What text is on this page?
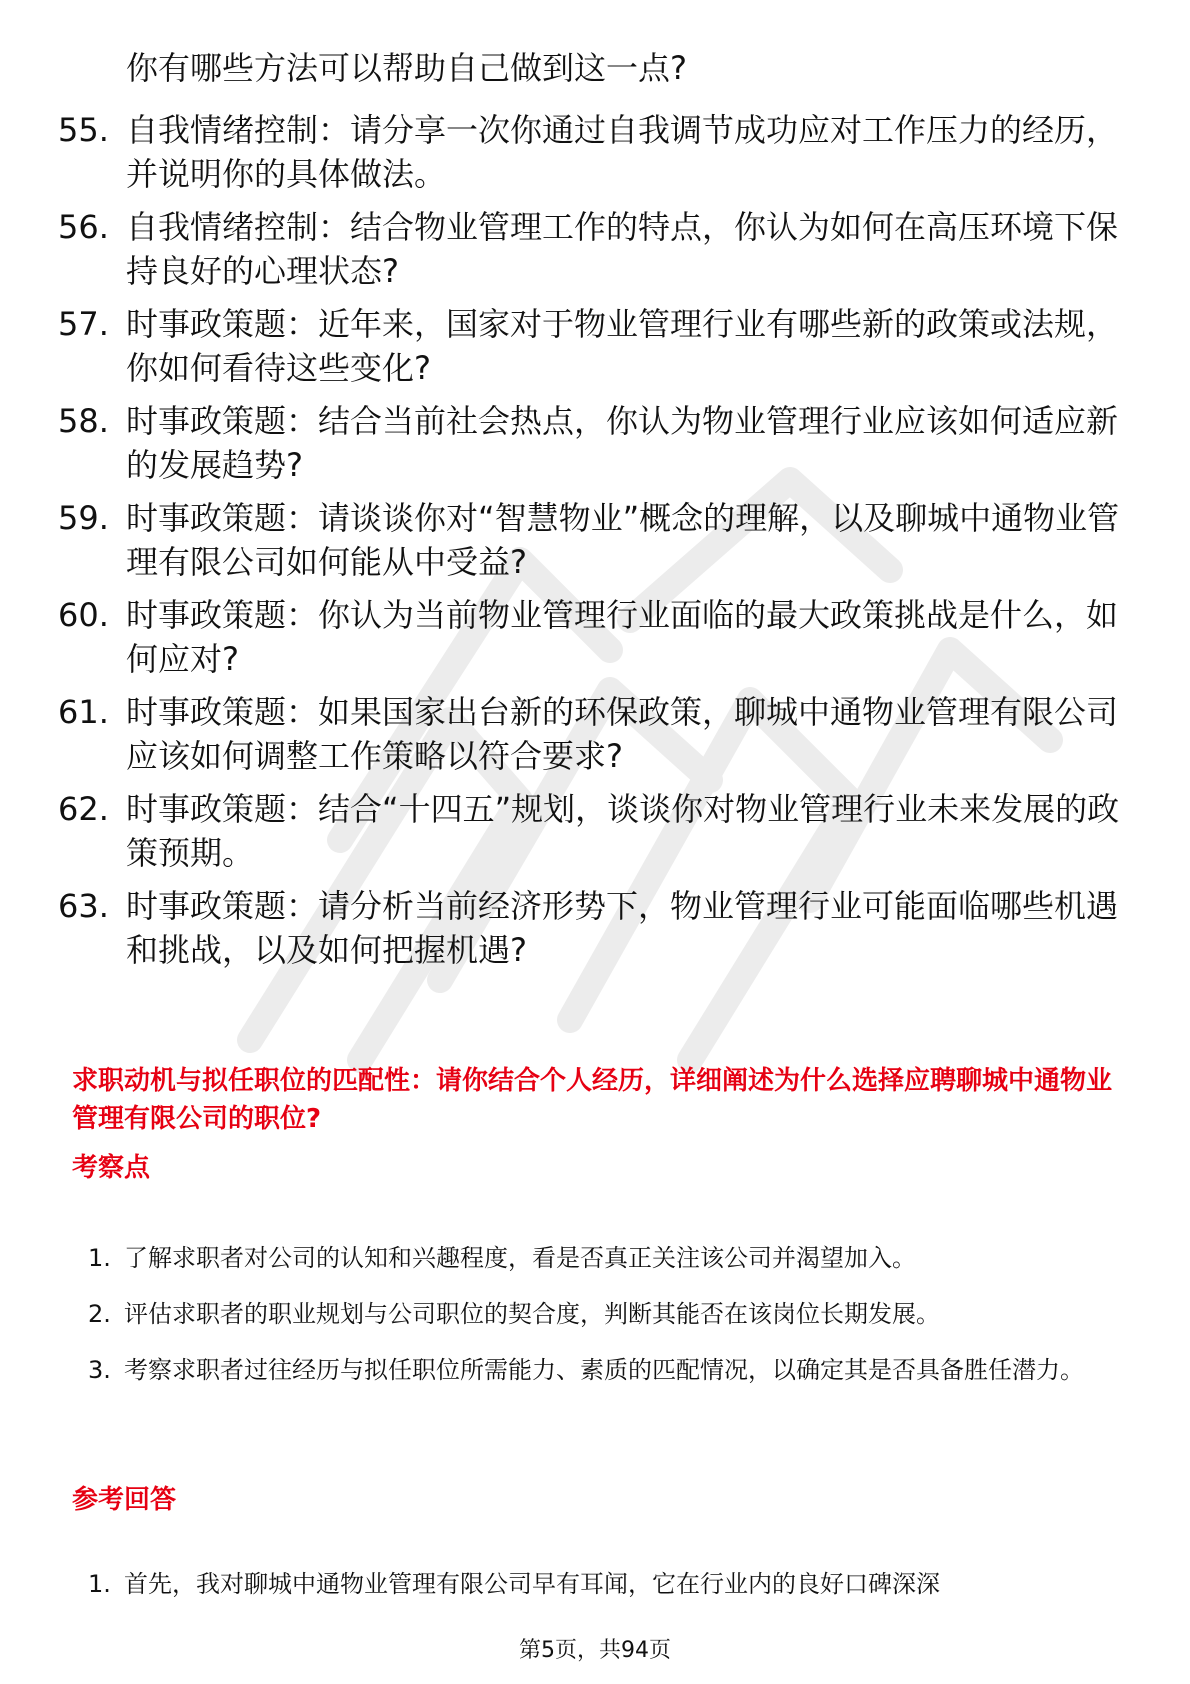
你有哪些方法可以帮助自己做到这一点?
55. 自我情绪控制：请分享一次你通过自我调节成功应对工作压力的经历，并说明你的具体做法。
56. 自我情绪控制：结合物业管理工作的特点，你认为如何在高压环境下保持良好的心理状态?
57. 时事政策题：近年来，国家对于物业管理行业有哪些新的政策或法规，你如何看待这些变化?
58. 时事政策题：结合当前社会热点，你认为物业管理行业应该如何适应新的发展趋势?
59. 时事政策题：请谈谈你对“智慧物业”概念的理解，以及聊城中通物业管理有限公司如何能从中受益?
60. 时事政策题：你认为当前物业管理行业面临的最大政策挑战是什么，如何应对?
61. 时事政策题：如果国家出台新的环保政策，聊城中通物业管理有限公司应该如何调整工作策略以符合要求?
62. 时事政策题：结合“十四五”规划，谈谈你对物业管理行业未来发展的政策预期。
63. 时事政策题：请分析当前经济形势下，物业管理行业可能面临哪些机遇和挑战，以及如何把握机遇?
求职动机与拟任职位的匹配性：请你结合个人经历，详细阐述为什么选择应聘聊城中通物业管理有限公司的职位?
考察点
1. 了解求职者对公司的认知和兴趣程度，看是否真正关注该公司并渴望加入。
2. 评估求职者的职业规划与公司职位的契合度，判断其能否在该岗位长期发展。
3. 考察求职者过往经历与拟任职位所需能力、素质的匹配情况，以确定其是否具备胜任潜力。
参考回答
1. 首先，我对聊城中通物业管理有限公司早有耳闻，它在行业内的良好口碑深深
第5页，共94页
